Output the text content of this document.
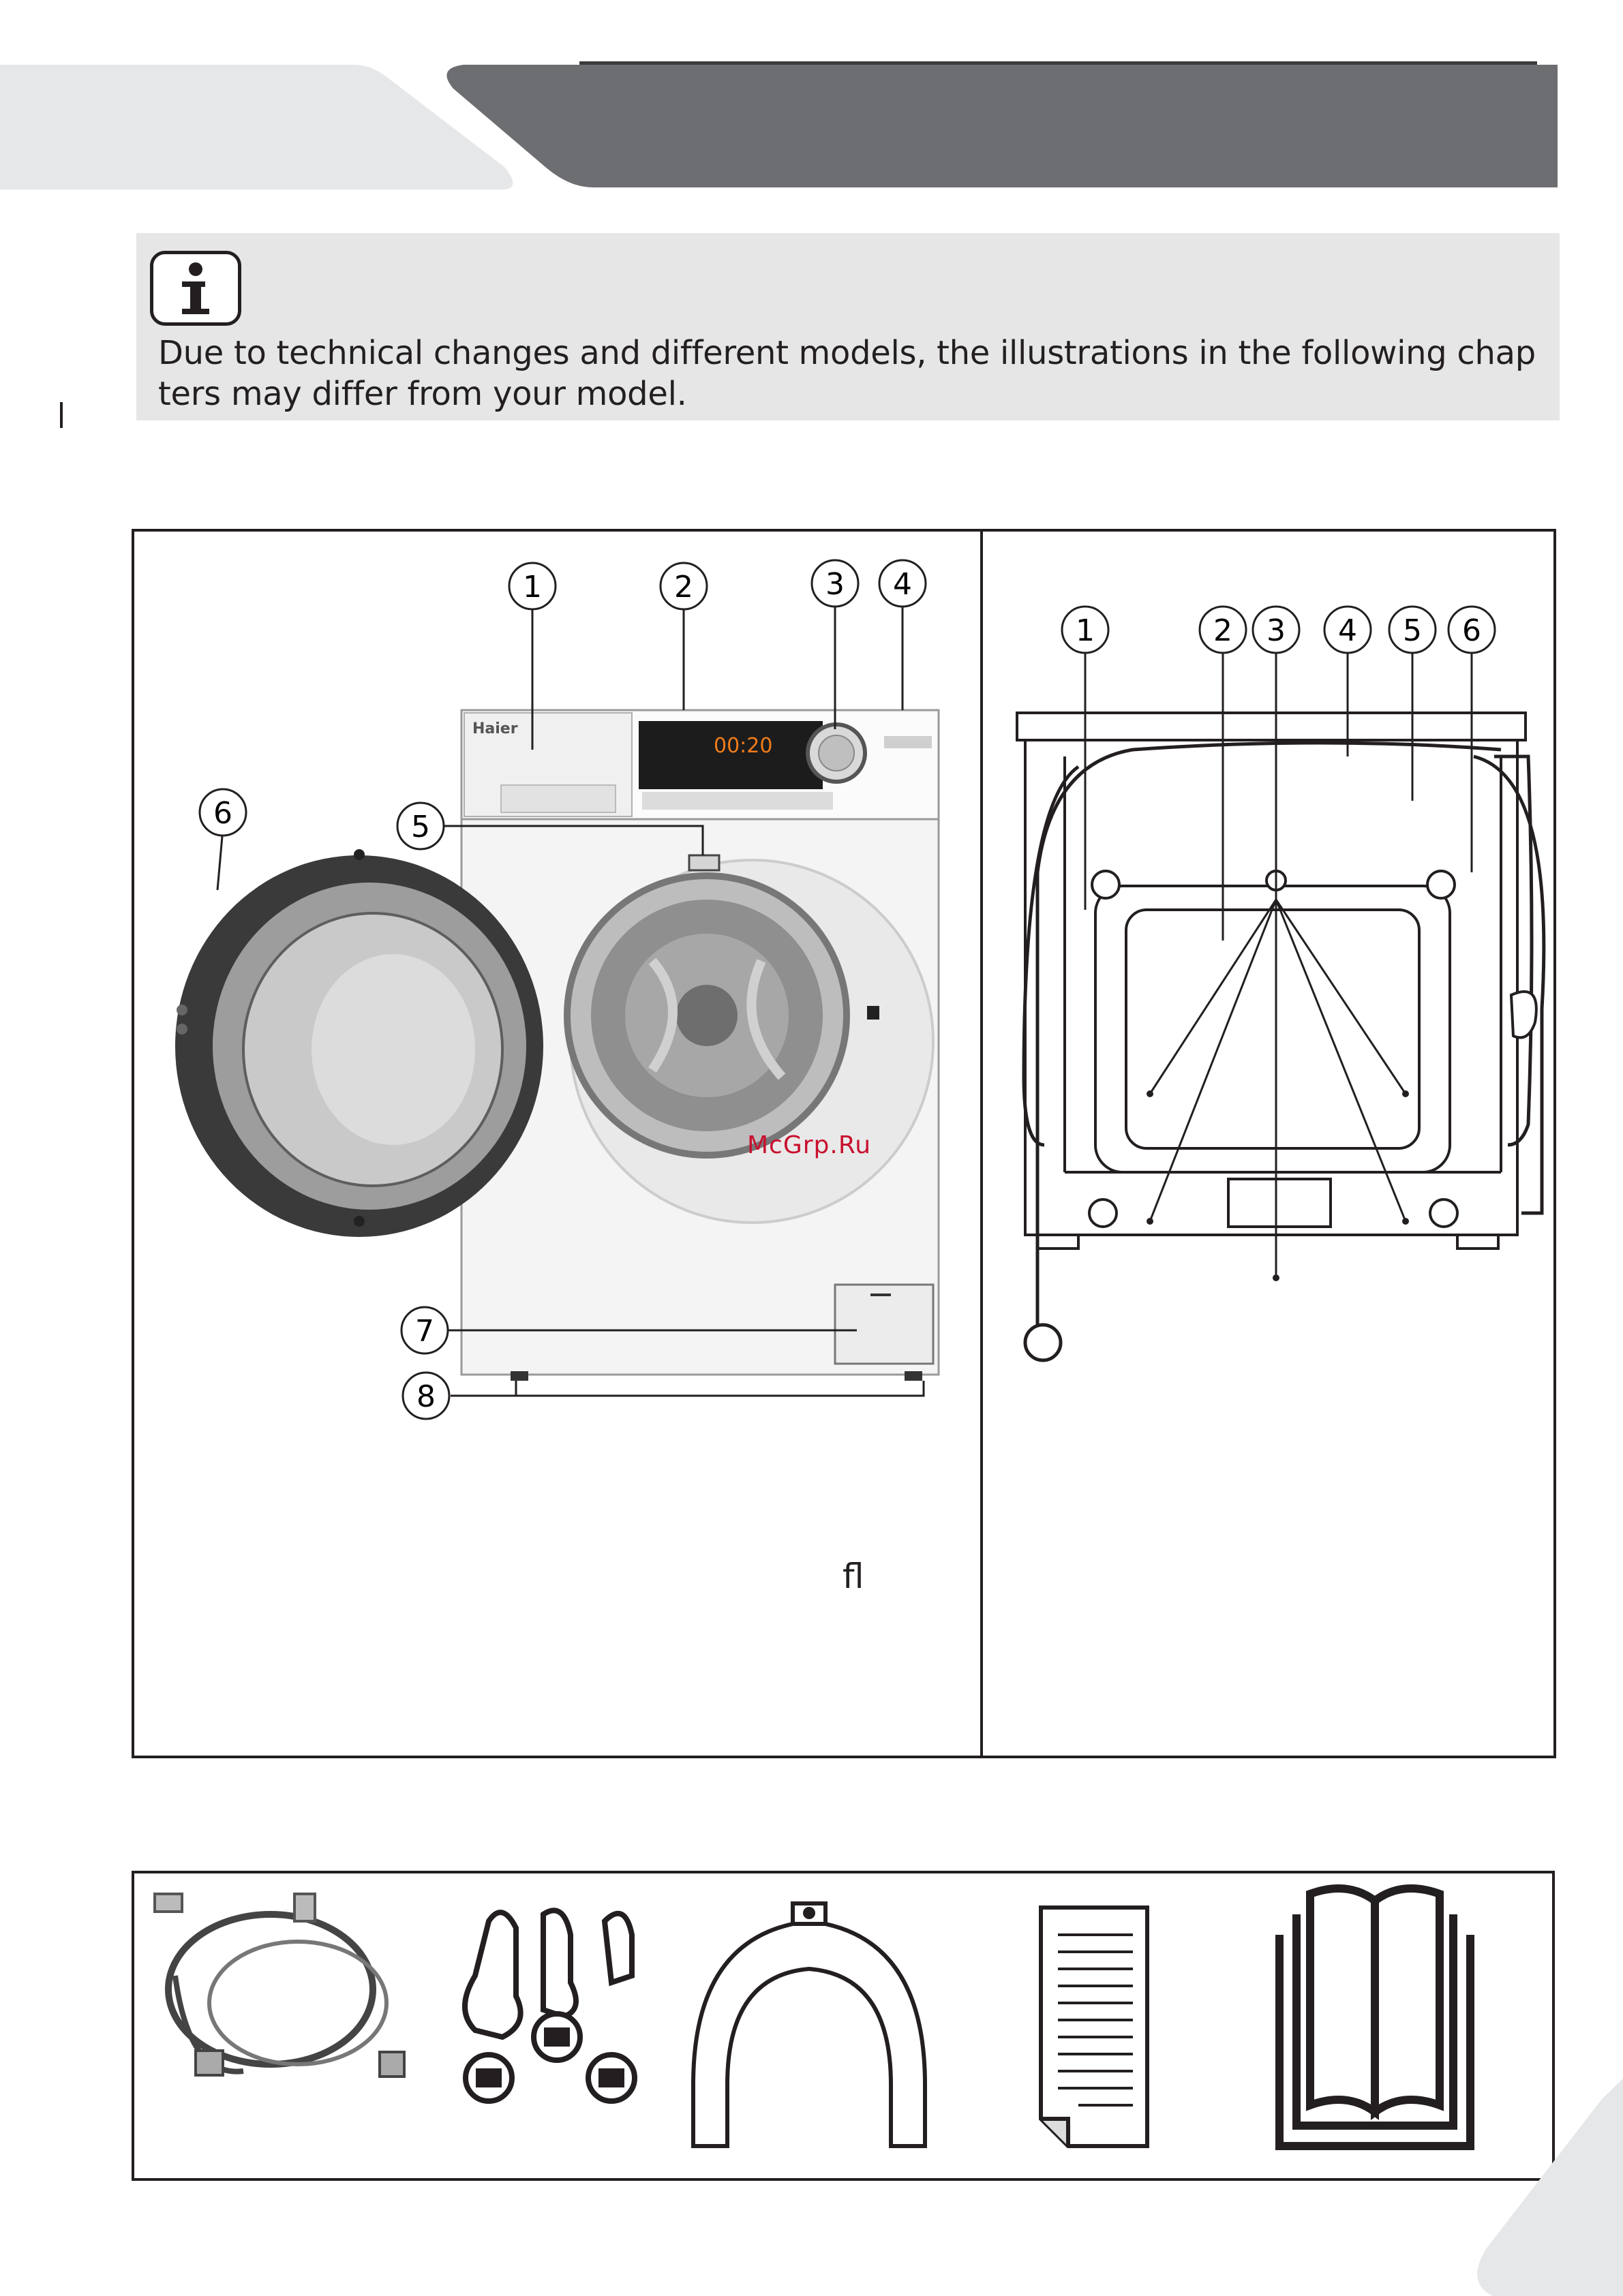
Due to technical changes and different models, the illustrations in the following chap
ters may differ from your model.
Haier
00:20
1	2	3 4
5
6
7
8
McGrp.Ru
fl
1	2 3 4 5 6
